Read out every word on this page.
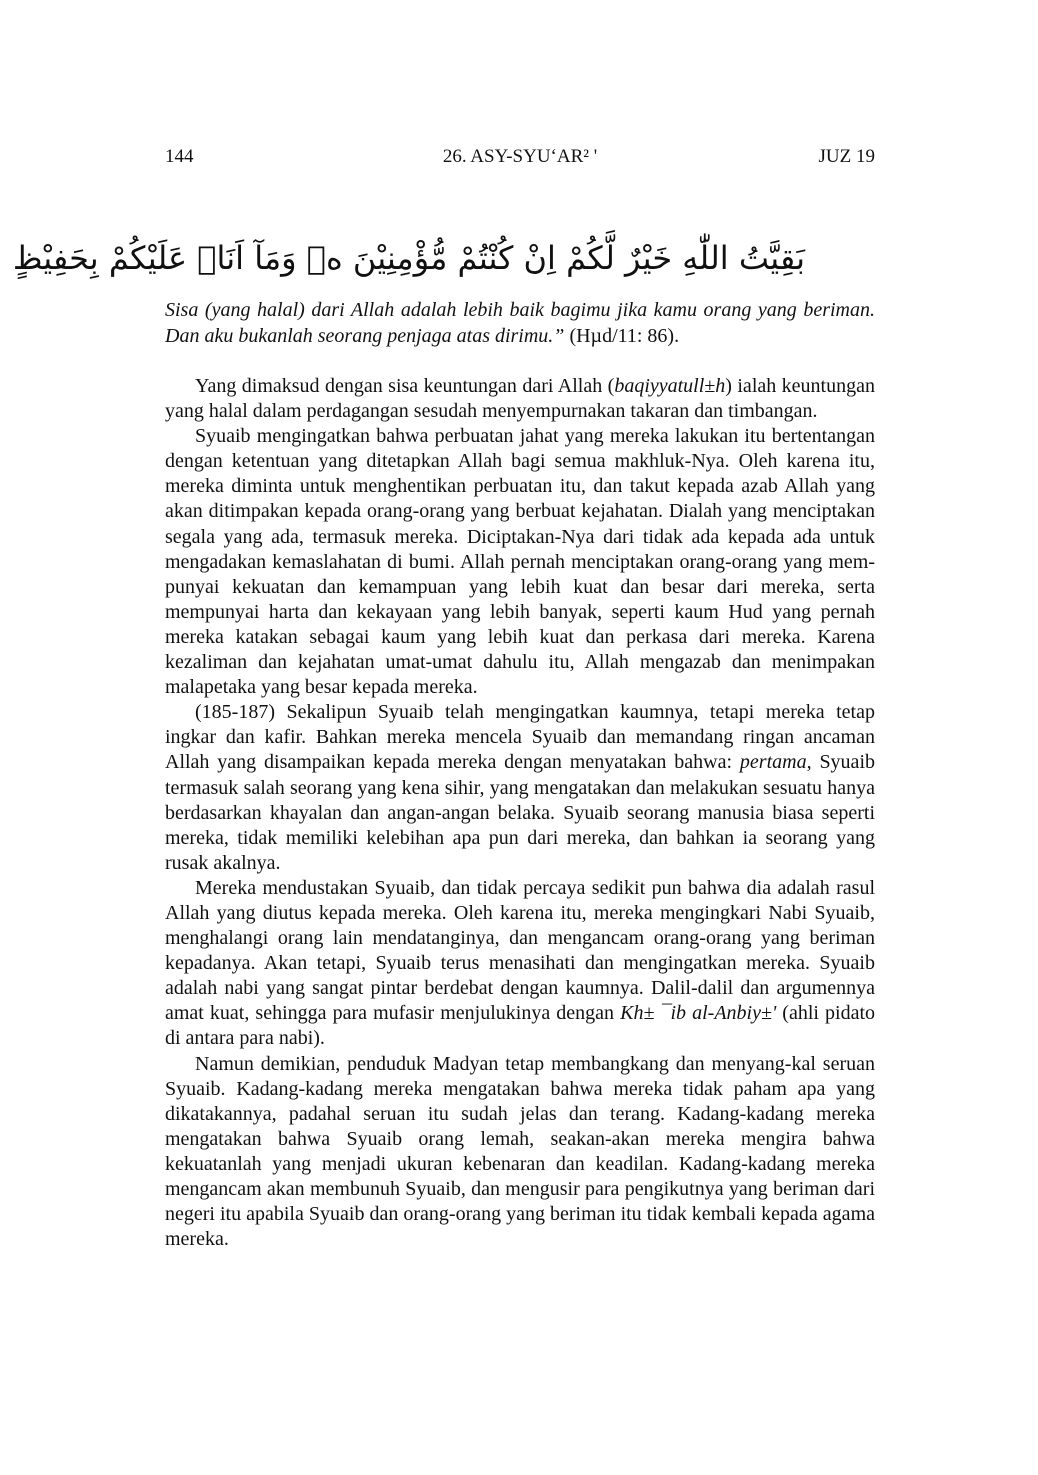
144	26. ASY-SYU‘AR² '	JUZ 19
بَقِيَّتُ اللّٰهِ خَيْرٌ لَّكُمْ اِنْ كُنْتُمْ مُّؤْمِنِيْنَ ەۚ وَمَآ اَنَا۠ عَلَيْكُمْ بِحَفِيْظٍ
Sisa (yang halal) dari Allah adalah lebih baik bagimu jika kamu orang yang beriman. Dan aku bukanlah seorang penjaga atas dirimu.” (Hµd/11: 86).

Yang dimaksud dengan sisa keuntungan dari Allah (baqiyyatull±h) ialah keuntungan yang halal dalam perdagangan sesudah menyempurnakan takaran dan timbangan.

Syuaib mengingatkan bahwa perbuatan jahat yang mereka lakukan itu bertentangan dengan ketentuan yang ditetapkan Allah bagi semua makhluk-Nya. Oleh karena itu, mereka diminta untuk menghentikan perbuatan itu, dan takut kepada azab Allah yang akan ditimpakan kepada orang-orang yang berbuat kejahatan. Dialah yang menciptakan segala yang ada, termasuk mereka. Diciptakan-Nya dari tidak ada kepada ada untuk mengadakan kemaslahatan di bumi. Allah pernah menciptakan orang-orang yang mem-punyai kekuatan dan kemampuan yang lebih kuat dan besar dari mereka, serta mempunyai harta dan kekayaan yang lebih banyak, seperti kaum Hud yang pernah mereka katakan sebagai kaum yang lebih kuat dan perkasa dari mereka. Karena kezaliman dan kejahatan umat-umat dahulu itu, Allah mengazab dan menimpakan malapetaka yang besar kepada mereka.

(185-187) Sekalipun Syuaib telah mengingatkan kaumnya, tetapi mereka tetap ingkar dan kafir. Bahkan mereka mencela Syuaib dan memandang ringan ancaman Allah yang disampaikan kepada mereka dengan menyatakan bahwa: pertama, Syuaib termasuk salah seorang yang kena sihir, yang mengatakan dan melakukan sesuatu hanya berdasarkan khayalan dan angan-angan belaka. Syuaib seorang manusia biasa seperti mereka, tidak memiliki kelebihan apa pun dari mereka, dan bahkan ia seorang yang rusak akalnya.

Mereka mendustakan Syuaib, dan tidak percaya sedikit pun bahwa dia adalah rasul Allah yang diutus kepada mereka. Oleh karena itu, mereka mengingkari Nabi Syuaib, menghalangi orang lain mendatanginya, dan mengancam orang-orang yang beriman kepadanya. Akan tetapi, Syuaib terus menasihati dan mengingatkan mereka. Syuaib adalah nabi yang sangat pintar berdebat dengan kaumnya. Dalil-dalil dan argumennya amat kuat, sehingga para mufasir menjulukinya dengan Kh± ¯ib al-Anbiy±' (ahli pidato di antara para nabi).

Namun demikian, penduduk Madyan tetap membangkang dan menyang-kal seruan Syuaib. Kadang-kadang mereka mengatakan bahwa mereka tidak paham apa yang dikatakannya, padahal seruan itu sudah jelas dan terang. Kadang-kadang mereka mengatakan bahwa Syuaib orang lemah, seakan-akan mereka mengira bahwa kekuatanlah yang menjadi ukuran kebenaran dan keadilan. Kadang-kadang mereka mengancam akan membunuh Syuaib, dan mengusir para pengikutnya yang beriman dari negeri itu apabila Syuaib dan orang-orang yang beriman itu tidak kembali kepada agama mereka.
